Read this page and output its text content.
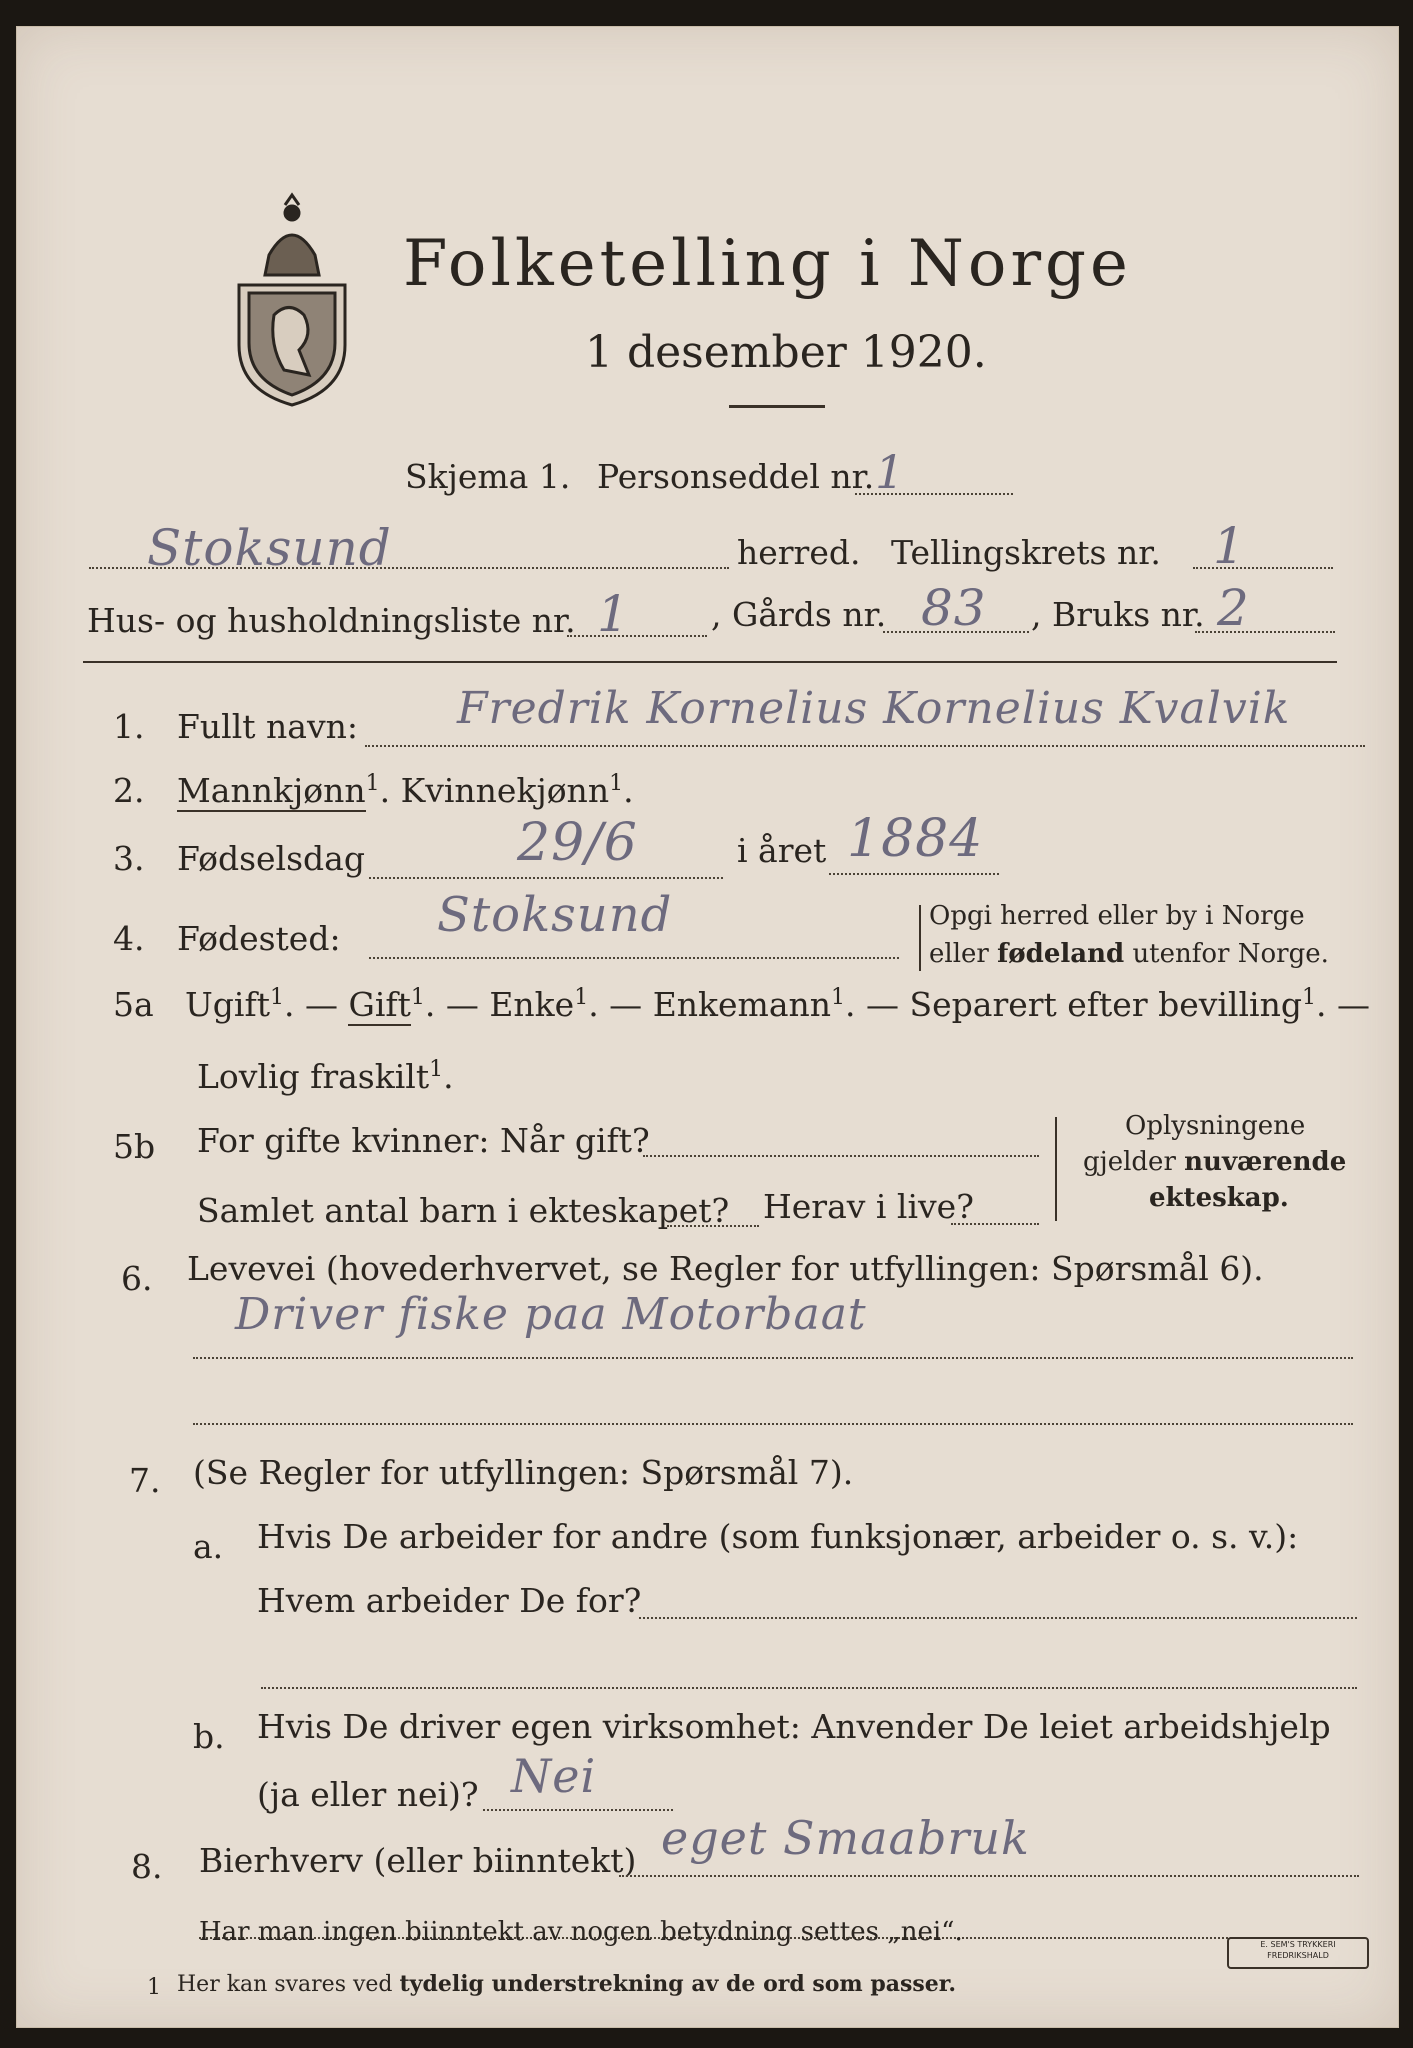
Folketelling i Norge
1 desember 1920.
Skjema 1. Personseddel nr. 1
Stoksund	herred. Tellingskrets nr. 1
Hus- og husholdningsliste nr. 1 , Gårds nr. 83 , Bruks nr. 2
1. Fullt navn: Fredrik Kornelius Kornelius Kvalvik
2. Mannkjønn$^1$. Kvinnekjønn$^1$.
3. Fødselsdag	29/6	i året 1884
4. Fødested: Stoksund	Opgi herred eller by i Norge
eller fødeland utenfor Norge.
5a Ugift$^1$. — Gift$^1$. — Enke$^1$. — Enkemann$^1$. — Separert efter bevilling$^1$. —
Lovlig fraskilt$^1$.
5b For gifte kvinner: Når gift?
Samlet antal barn i ekteskapet? Herav i live?
Oplysningene
gjelder nuværende
ekteskap.
6. Levevei (hovederhvervet, se Regler for utfyllingen: Spørsmål 6).
Driver fiske paa Motorbaat
7. (Se Regler for utfyllingen: Spørsmål 7).
a. Hvis De arbeider for andre (som funksjonær, arbeider o. s. v.):
Hvem arbeider De for?
b. Hvis De driver egen virksomhet: Anvender De leiet arbeidshjelp
(ja eller nei)? Nei
8. Bierhverv (eller biinntekt) eget Smaabruk
Har man ingen biinntekt av nogen betydning settes „nei“.
1 Her kan svares ved tydelig understrekning av de ord som passer.
E. SEM'S TRYKKERI
FREDRIKSHALD
